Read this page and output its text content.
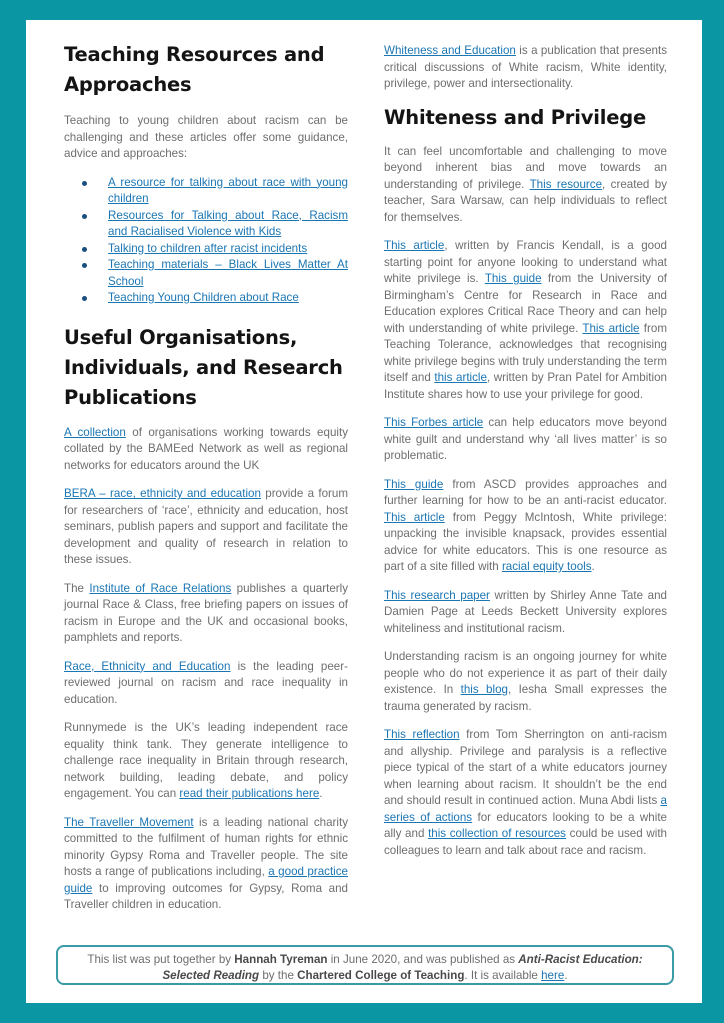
Teaching Resources and
Approaches

Teaching to young children about racism can be challenging and these articles offer some guidance, advice and approaches:

A resource for talking about race with young children
Resources for Talking about Race, Racism and Racialised Violence with Kids
Talking to children after racist incidents
Teaching materials – Black Lives Matter At School
Teaching Young Children about Race
Useful Organisations,
Individuals, and Research
Publications

A collection of organisations working towards equity collated by the BAMEed Network as well as regional networks for educators around the UK

BERA – race, ethnicity and education provide a forum for researchers of ‘race’, ethnicity and education, host seminars, publish papers and support and facilitate the development and quality of research in relation to these issues.

The Institute of Race Relations publishes a quarterly journal Race & Class, free briefing papers on issues of racism in Europe and the UK and occasional books, pamphlets and reports.

Race, Ethnicity and Education is the leading peer-reviewed journal on racism and race inequality in education.

Runnymede is the UK’s leading independent race equality think tank. They generate intelligence to challenge race inequality in Britain through research, network building, leading debate, and policy engagement. You can read their publications here.

The Traveller Movement is a leading national charity committed to the fulfilment of human rights for ethnic minority Gypsy Roma and Traveller people. The site hosts a range of publications including, a good practice guide to improving outcomes for Gypsy, Roma and Traveller children in education.

Whiteness and Education is a publication that presents critical discussions of White racism, White identity, privilege, power and intersectionality.

Whiteness and Privilege

It can feel uncomfortable and challenging to move beyond inherent bias and move towards an understanding of privilege. This resource, created by teacher, Sara Warsaw, can help individuals to reflect for themselves.

This article, written by Francis Kendall, is a good starting point for anyone looking to understand what white privilege is. This guide from the University of Birmingham’s Centre for Research in Race and Education explores Critical Race Theory and can help with understanding of white privilege. This article from Teaching Tolerance, acknowledges that recognising white privilege begins with truly understanding the term itself and this article, written by Pran Patel for Ambition Institute shares how to use your privilege for good.

This Forbes article can help educators move beyond white guilt and understand why ‘all lives matter’ is so problematic.

This guide from ASCD provides approaches and further learning for how to be an anti-racist educator. This article from Peggy McIntosh, White privilege: unpacking the invisible knapsack, provides essential advice for white educators. This is one resource as part of a site filled with racial equity tools.

This research paper written by Shirley Anne Tate and Damien Page at Leeds Beckett University explores whiteliness and institutional racism.

Understanding racism is an ongoing journey for white people who do not experience it as part of their daily existence. In this blog, Iesha Small expresses the trauma generated by racism.

This reflection from Tom Sherrington on anti-racism and allyship. Privilege and paralysis is a reflective piece typical of the start of a white educators journey when learning about racism. It shouldn’t be the end and should result in continued action. Muna Abdi lists a series of actions for educators looking to be a white ally and this collection of resources could be used with colleagues to learn and talk about race and racism.

This list was put together by Hannah Tyreman in June 2020, and was published as Anti-Racist Education: Selected Reading by the Chartered College of Teaching. It is available here.
